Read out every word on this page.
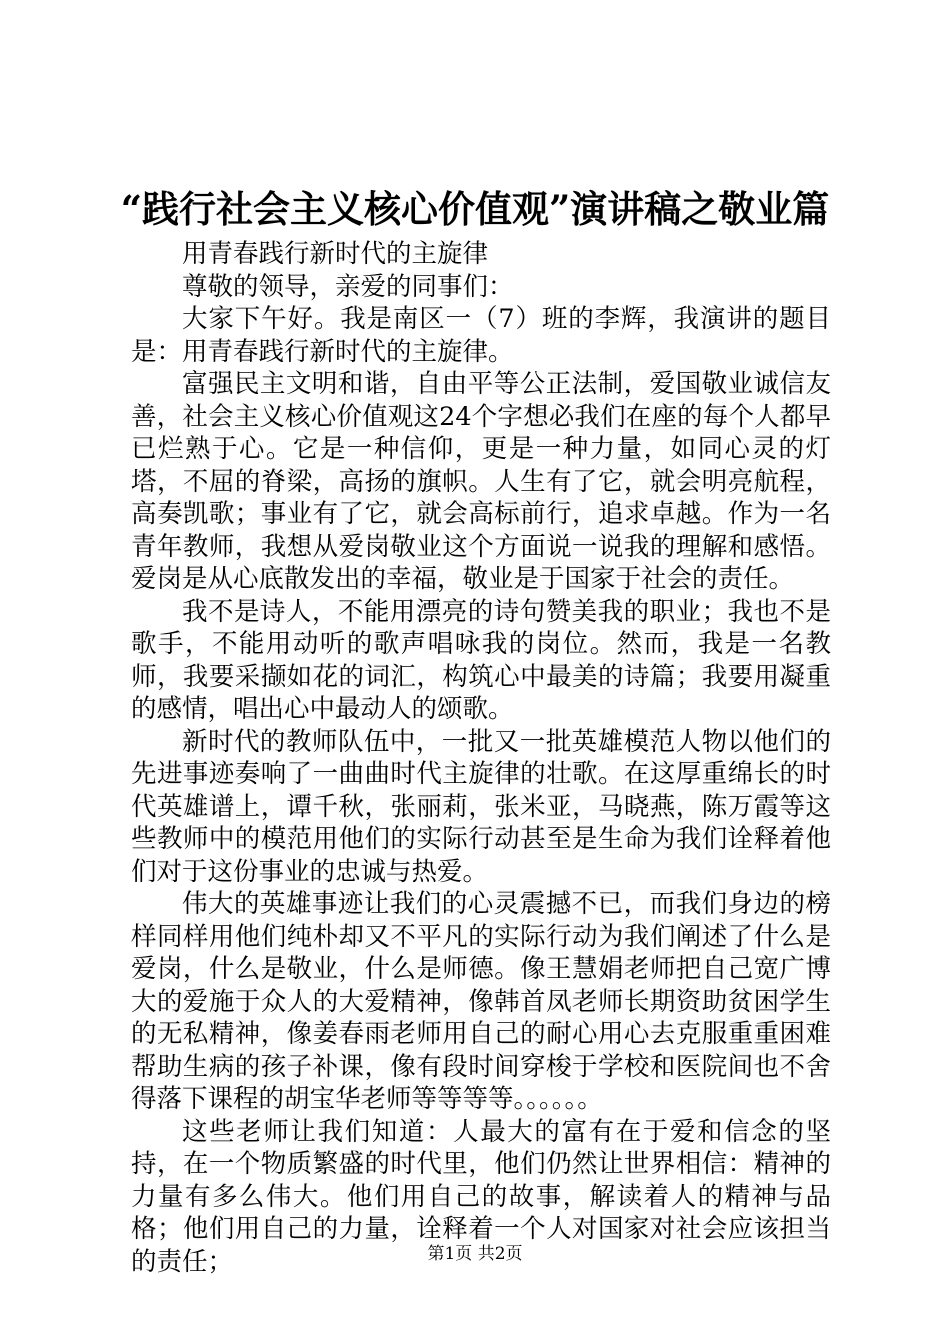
“践行社会主义核心价值观”演讲稿之敬业篇

用青春践行新时代的主旋律

尊敬的领导，亲爱的同事们：

大家下午好。我是南区一（7）班的李辉，我演讲的题目是：用青春践行新时代的主旋律。

富强民主文明和谐，自由平等公正法制，爱国敬业诚信友善，社会主义核心价值观这24个字想必我们在座的每个人都早已烂熟于心。它是一种信仰，更是一种力量，如同心灵的灯塔，不屈的脊梁，高扬的旗帜。人生有了它，就会明亮航程，高奏凯歌；事业有了它，就会高标前行，追求卓越。作为一名青年教师，我想从爱岗敬业这个方面说一说我的理解和感悟。爱岗是从心底散发出的幸福，敬业是于国家于社会的责任。

我不是诗人，不能用漂亮的诗句赞美我的职业；我也不是歌手，不能用动听的歌声唱咏我的岗位。然而，我是一名教师，我要采撷如花的词汇，构筑心中最美的诗篇；我要用凝重的感情，唱出心中最动人的颂歌。

新时代的教师队伍中，一批又一批英雄模范人物以他们的先进事迹奏响了一曲曲时代主旋律的壮歌。在这厚重绵长的时代英雄谱上，谭千秋，张丽莉，张米亚，马晓燕，陈万霞等这些教师中的模范用他们的实际行动甚至是生命为我们诠释着他们对于这份事业的忠诚与热爱。

伟大的英雄事迹让我们的心灵震撼不已，而我们身边的榜样同样用他们纯朴却又不平凡的实际行动为我们阐述了什么是爱岗，什么是敬业，什么是师德。像王慧娟老师把自己宽广博大的爱施于众人的大爱精神，像韩首凤老师长期资助贫困学生的无私精神，像姜春雨老师用自己的耐心用心去克服重重困难帮助生病的孩子补课，像有段时间穿梭于学校和医院间也不舍得落下课程的胡宝华老师等等等等。。。。。。

这些老师让我们知道：人最大的富有在于爱和信念的坚持，在一个物质繁盛的时代里，他们仍然让世界相信：精神的力量有多么伟大。他们用自己的故事，解读着人的精神与品格；他们用自己的力量，诠释着一个人对国家对社会应该担当的责任；	第1页 共2页
